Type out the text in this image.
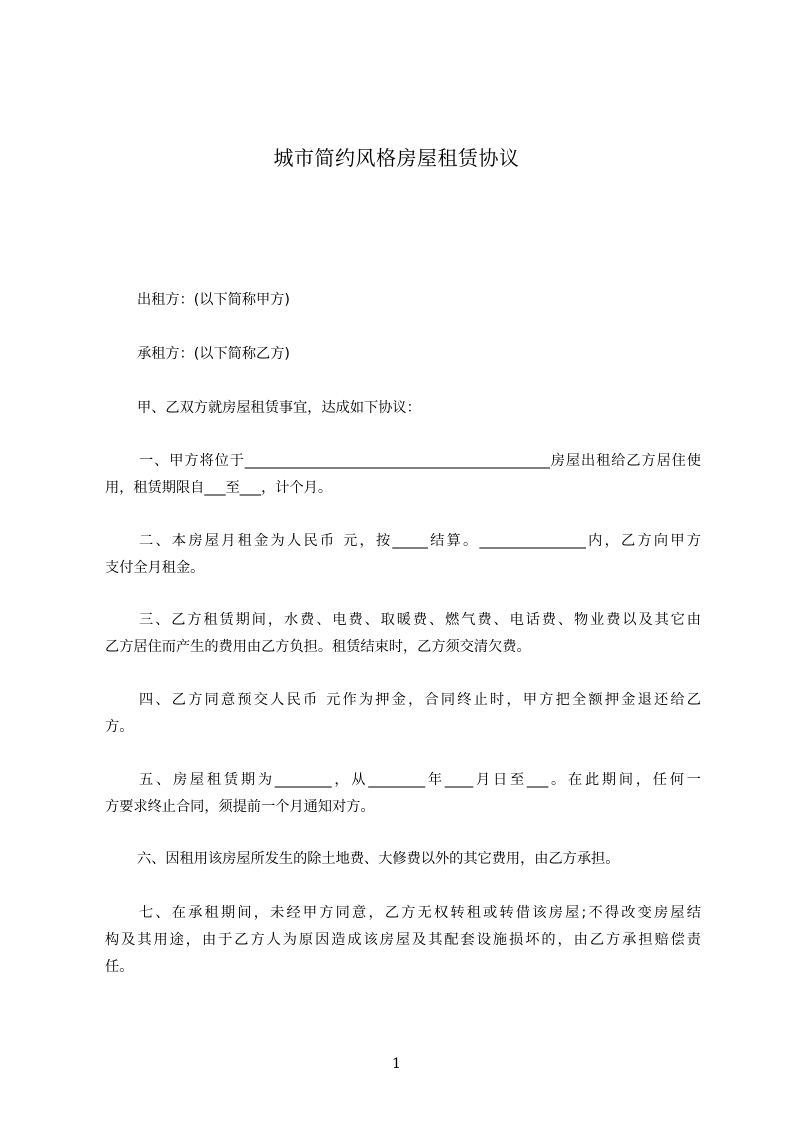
城市简约风格房屋租赁协议
出租方：(以下简称甲方)
承租方：(以下简称乙方)
甲、乙双方就房屋租赁事宜，达成如下协议：
一、甲方将位于___________________________________________房屋出租给乙方居住使
用，租赁期限自___至___，计个月。
二、本房屋月租金为人民币 元，按_____结算。_______________内，乙方向甲方
支付全月租金。
三、乙方租赁期间，水费、电费、取暖费、燃气费、电话费、物业费以及其它由
乙方居住而产生的费用由乙方负担。租赁结束时，乙方须交清欠费。
四、乙方同意预交人民币 元作为押金，合同终止时，甲方把全额押金退还给乙
方。
五、房屋租赁期为________，从________年____月日至___。在此期间，任何一
方要求终止合同，须提前一个月通知对方。
六、因租用该房屋所发生的除土地费、大修费以外的其它费用，由乙方承担。
七、在承租期间，未经甲方同意，乙方无权转租或转借该房屋;不得改变房屋结
构及其用途，由于乙方人为原因造成该房屋及其配套设施损坏的，由乙方承担赔偿责
任。
1
